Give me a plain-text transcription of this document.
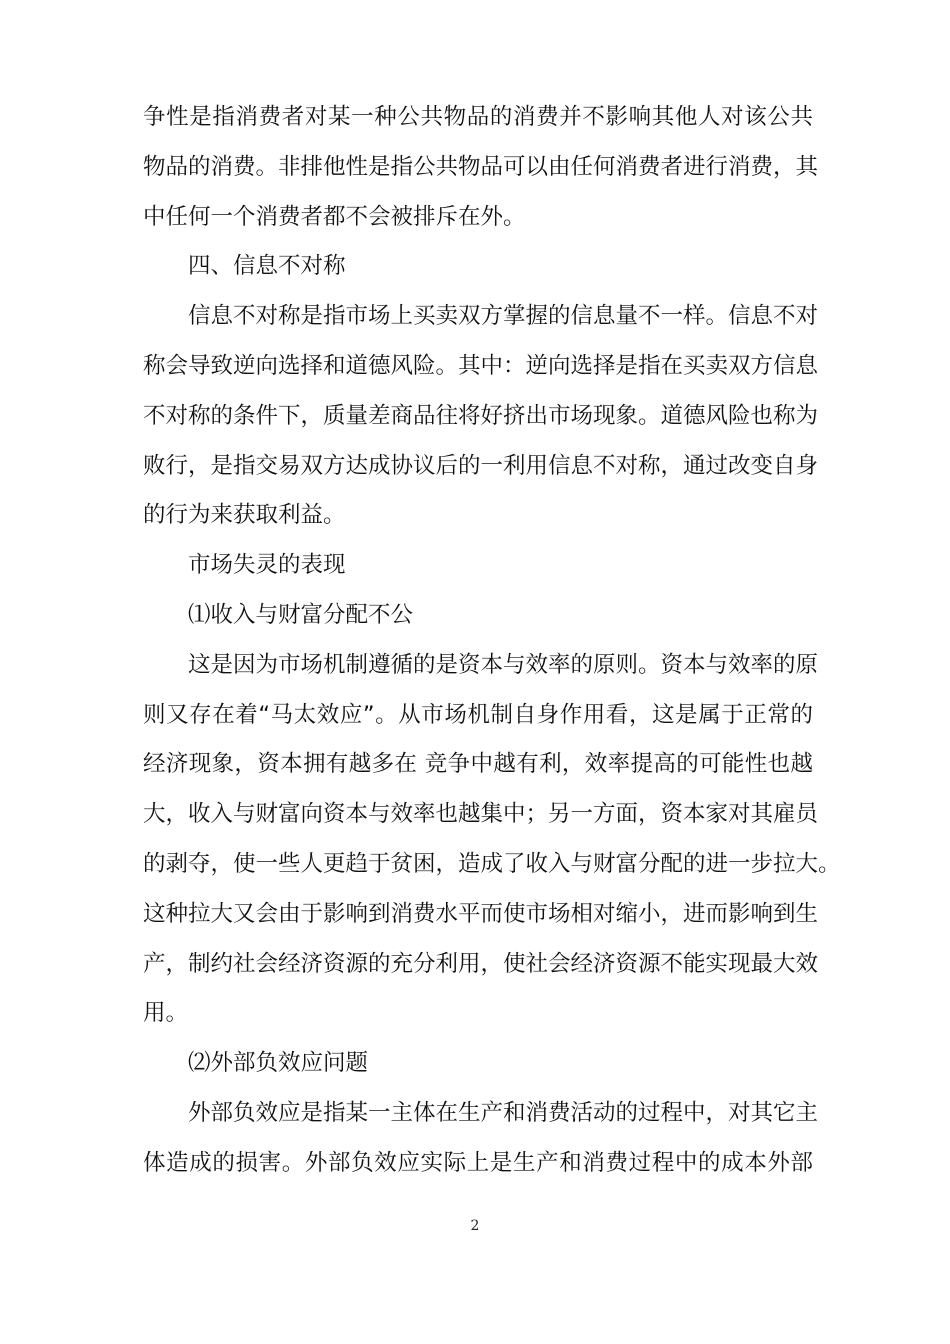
争性是指消费者对某一种公共物品的消费并不影响其他人对该公共
物品的消费。非排他性是指公共物品可以由任何消费者进行消费，其
中任何一个消费者都不会被排斥在外。
四、信息不对称
信息不对称是指市场上买卖双方掌握的信息量不一样。信息不对
称会导致逆向选择和道德风险。其中：逆向选择是指在买卖双方信息
不对称的条件下，质量差商品往将好挤出市场现象。道德风险也称为
败行，是指交易双方达成协议后的一利用信息不对称，通过改变自身
的行为来获取利益。
市场失灵的表现
⑴收入与财富分配不公
这是因为市场机制遵循的是资本与效率的原则。资本与效率的原
则又存在着“马太效应”。从市场机制自身作用看，这是属于正常的
经济现象，资本拥有越多在 竞争中越有利，效率提高的可能性也越
大，收入与财富向资本与效率也越集中；另一方面，资本家对其雇员
的剥夺，使一些人更趋于贫困，造成了收入与财富分配的进一步拉大。
这种拉大又会由于影响到消费水平而使市场相对缩小，进而影响到生
产，制约社会经济资源的充分利用，使社会经济资源不能实现最大效
用。
⑵外部负效应问题
外部负效应是指某一主体在生产和消费活动的过程中，对其它主
体造成的损害。外部负效应实际上是生产和消费过程中的成本外部
2
